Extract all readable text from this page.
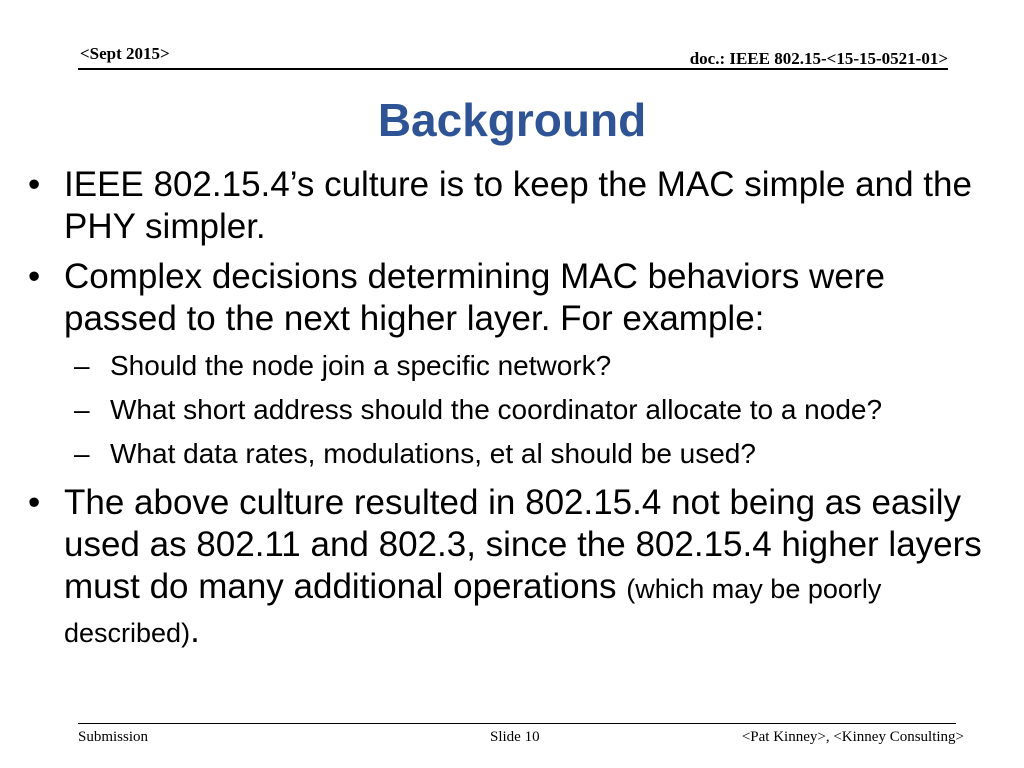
<Sept 2015>	doc.: IEEE 802.15-<15-15-0521-01>
Background
• IEEE 802.15.4’s culture is to keep the MAC simple and the PHY simpler.
• Complex decisions determining MAC behaviors were passed to the next higher layer. For example:
– Should the node join a specific network?
– What short address should the coordinator allocate to a node?
– What data rates, modulations, et al should be used?
• The above culture resulted in 802.15.4 not being as easily used as 802.11 and 802.3, since the 802.15.4 higher layers must do many additional operations (which may be poorly described).
Submission	Slide 10	<Pat Kinney>, <Kinney Consulting>
